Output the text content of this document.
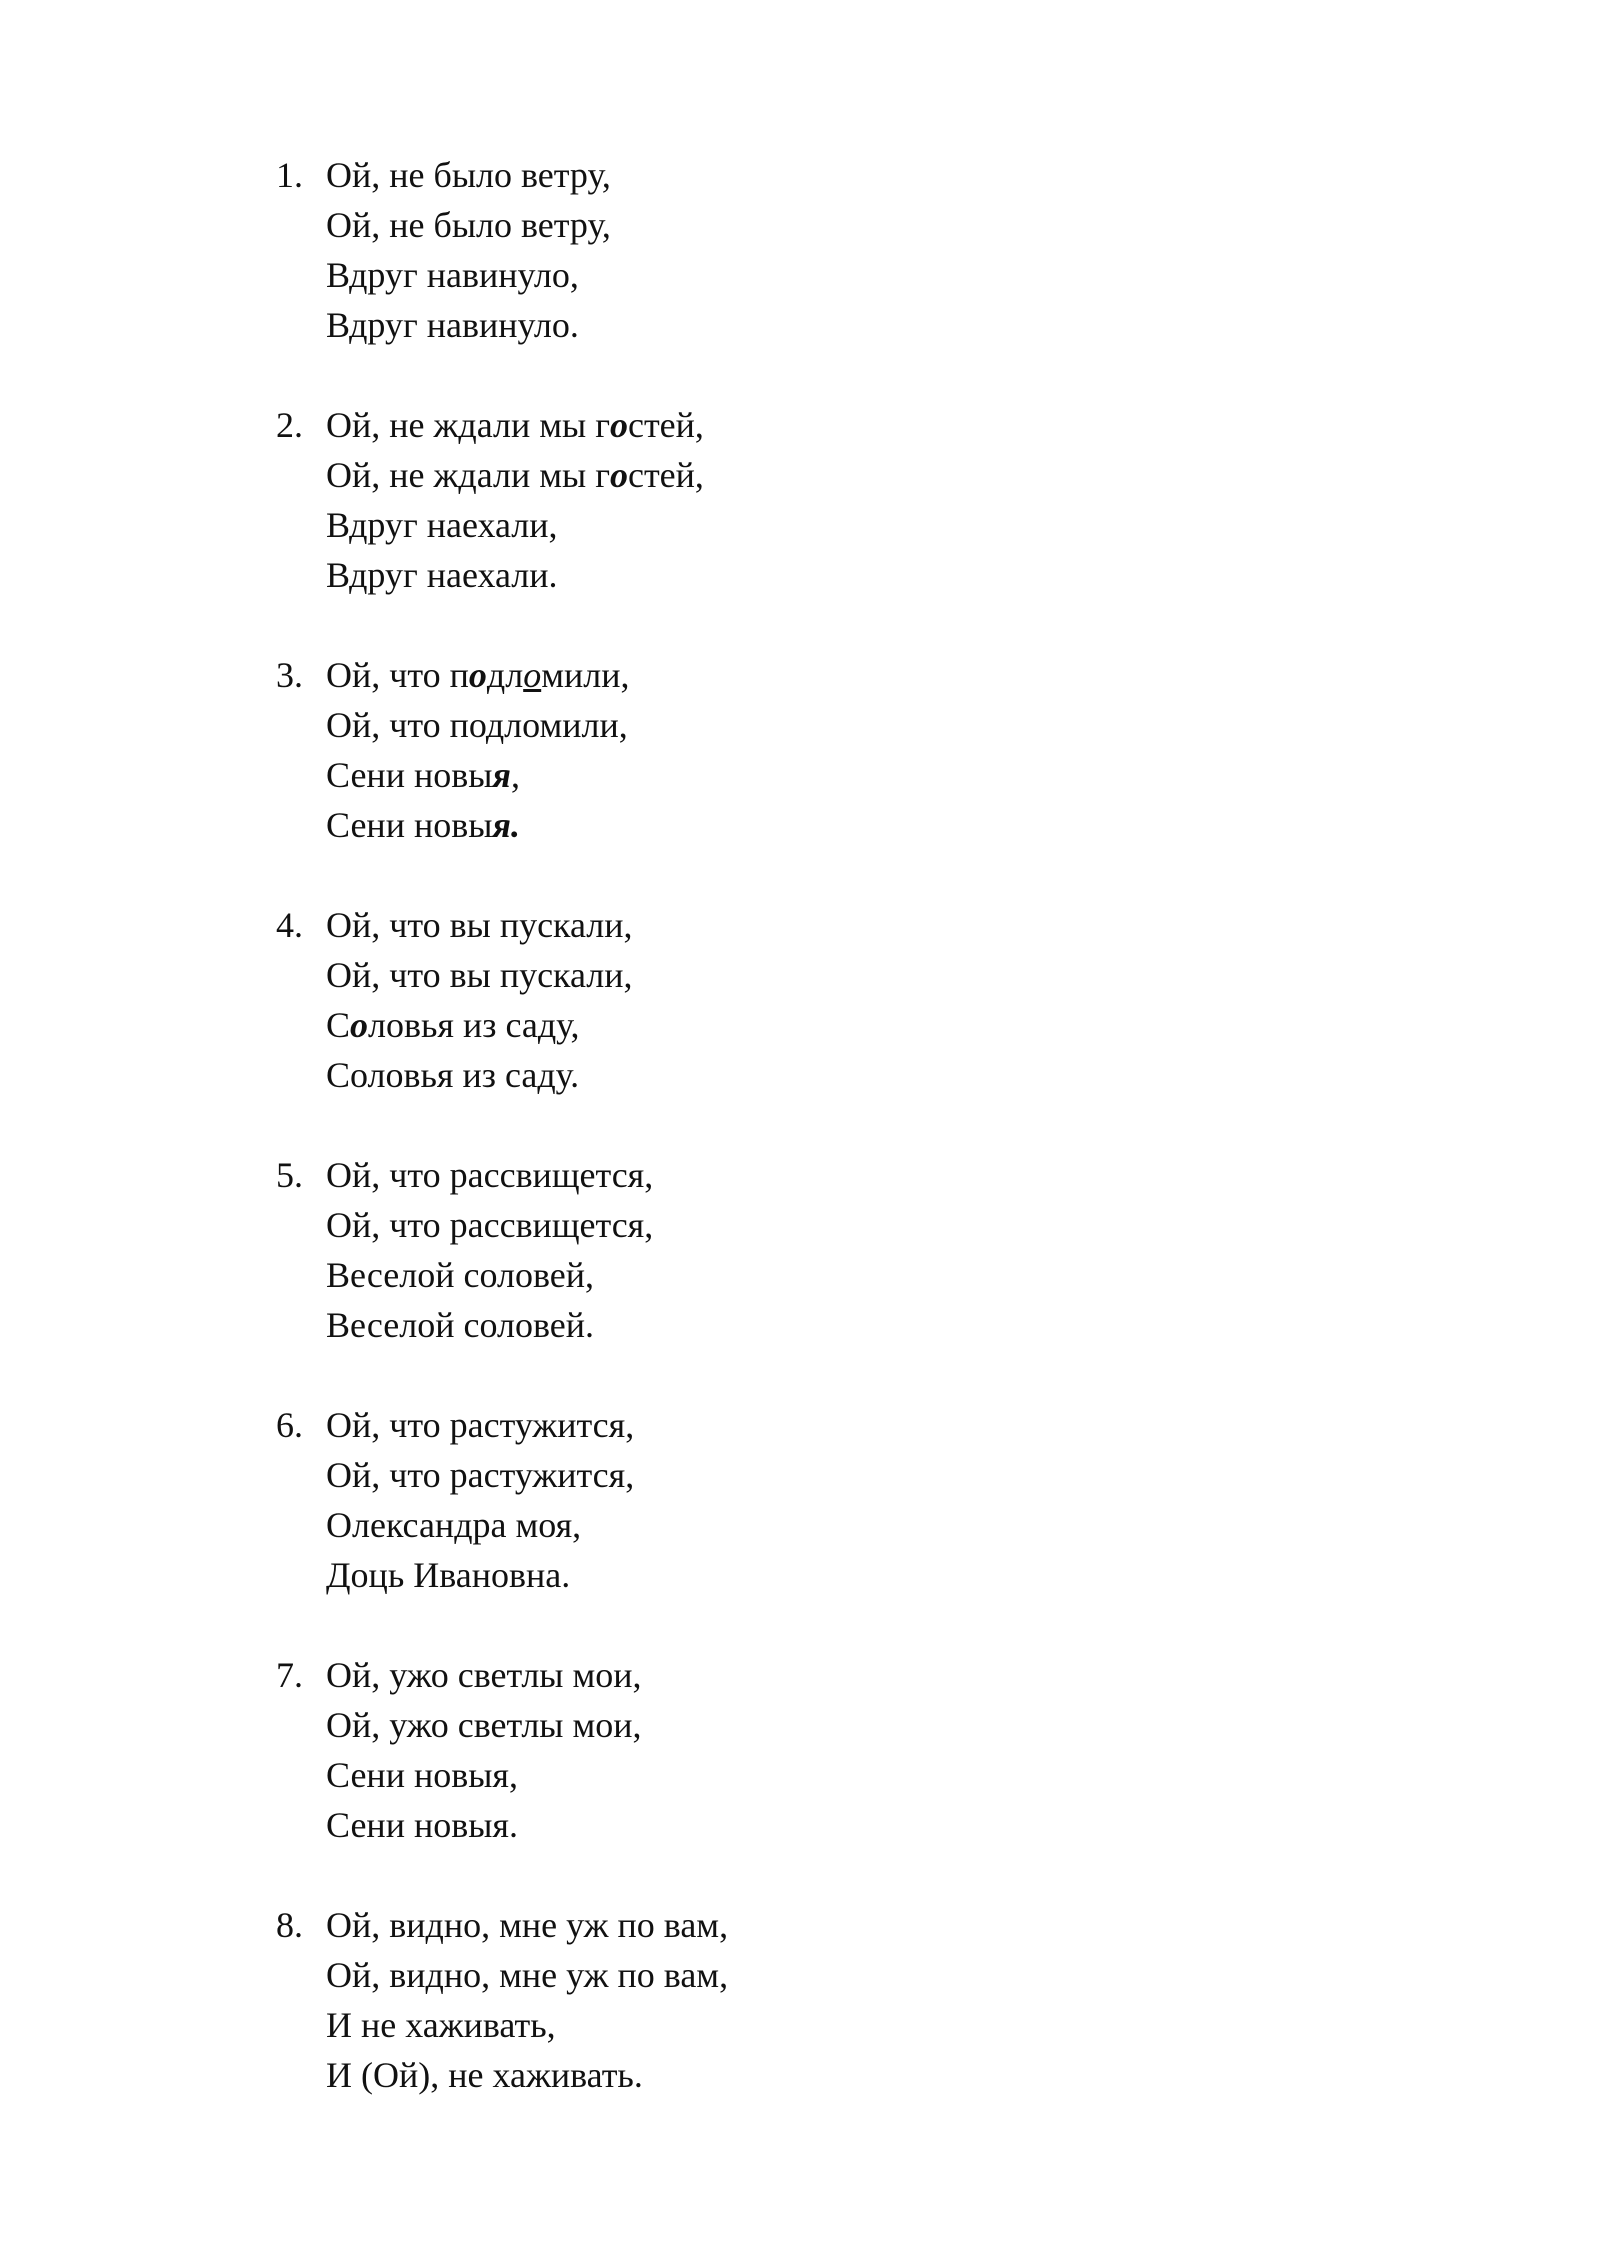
1. Ой, не было ветру,
Ой, не было ветру,
Вдруг навинуло,
Вдруг навинуло.
2. Ой, не ждали мы гостей,
Ой, не ждали мы гостей,
Вдруг наехали,
Вдруг наехали.
3. Ой, что подломили,
Ой, что подломили,
Сени новыя,
Сени новыя.
4. Ой, что вы пускали,
Ой, что вы пускали,
Соловья из саду,
Соловья из саду.
5. Ой, что рассвищется,
Ой, что рассвищется,
Веселой соловей,
Веселой соловей.
6. Ой, что растужится,
Ой, что растужится,
Олександра моя,
Доць Ивановна.
7. Ой, ужо светлы мои,
Ой, ужо светлы мои,
Сени новыя,
Сени новыя.
8. Ой, видно, мне уж по вам,
Ой, видно, мне уж по вам,
И не хаживать,
И (Ой), не хаживать.
